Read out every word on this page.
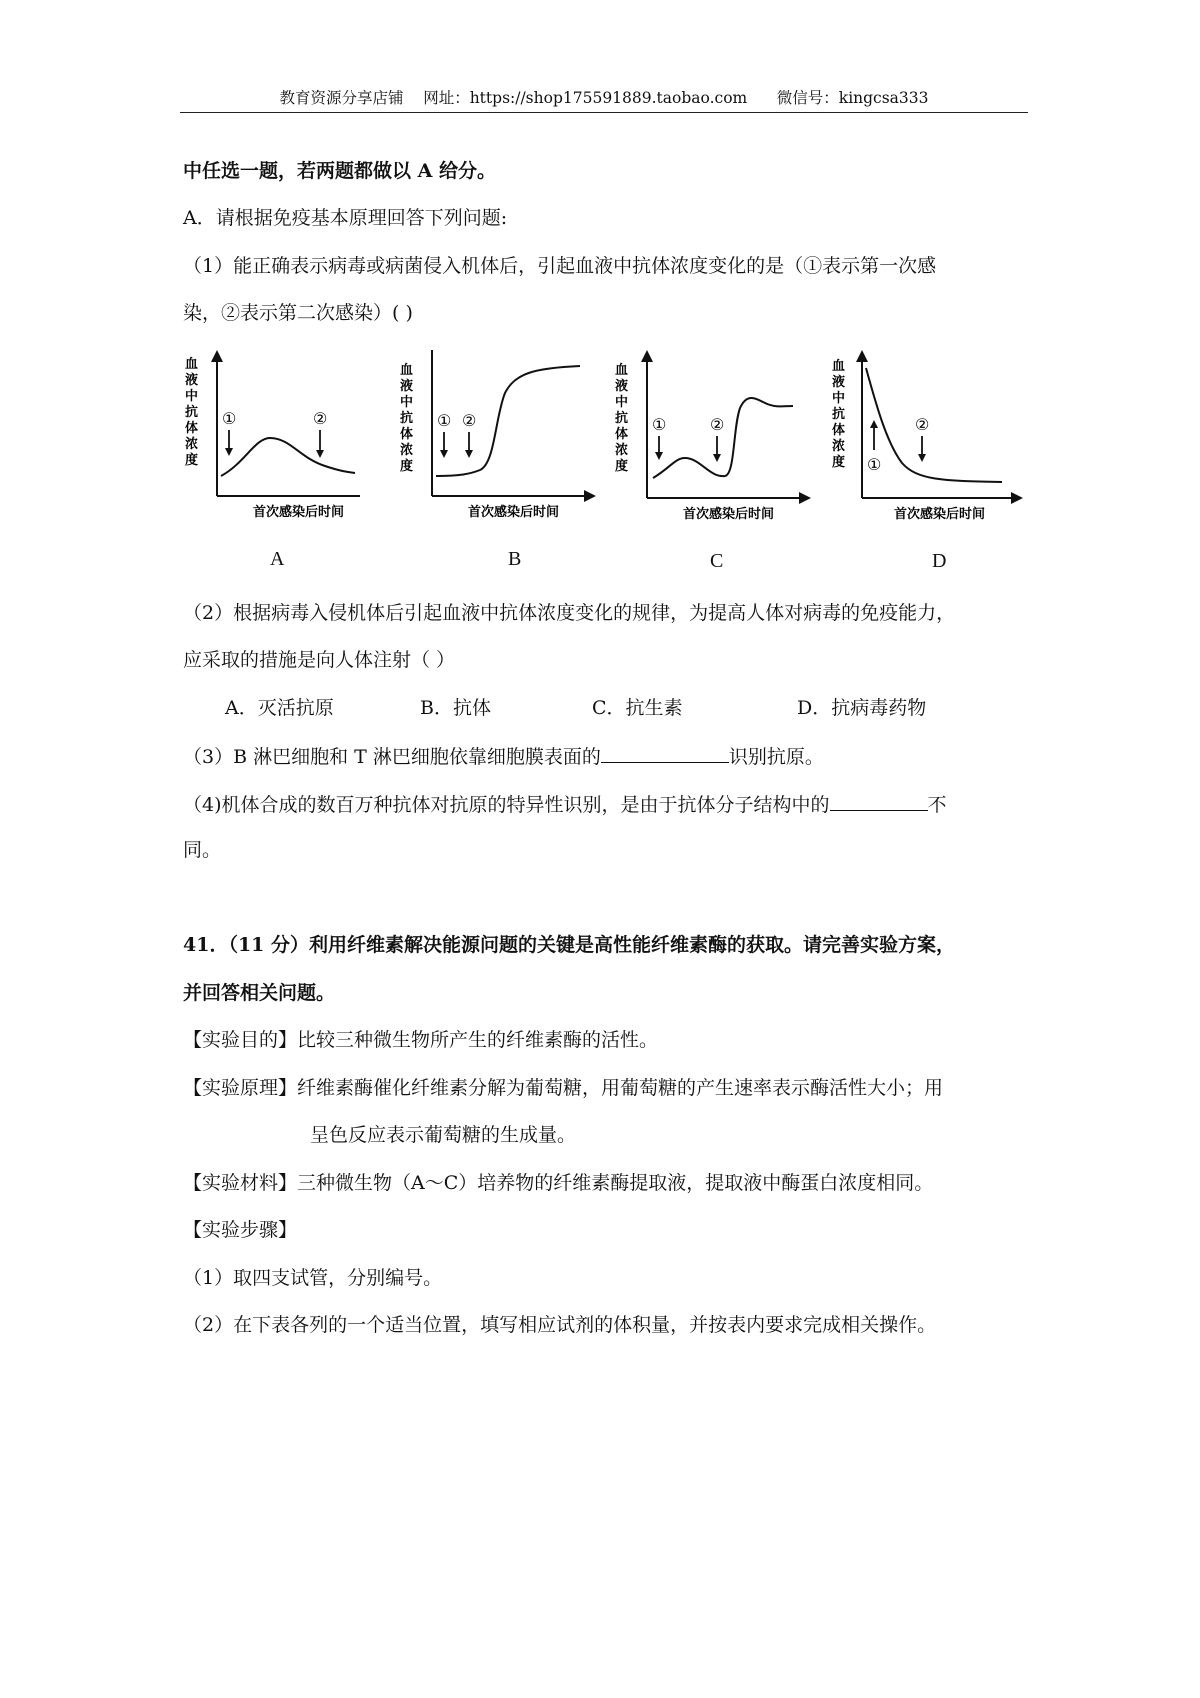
教育资源分享店铺 网址：https://shop175591889.taobao.com 微信号：kingcsa333
中任选一题，若两题都做以 A 给分。
A．请根据免疫基本原理回答下列问题:
（1）能正确表示病毒或病菌侵入机体后，引起血液中抗体浓度变化的是（①表示第一次感
染，②表示第二次感染）( )
血 液 中 抗 体 浓 度
①	②
首次感染后时间
A
血 液 中 抗 体 浓 度
① ②
首次感染后时间
B
血 液 中 抗 体 浓 度
①	②
首次感染后时间
C
血 液 中 抗 体 浓 度 ①
②
首次感染后时间
D
（2）根据病毒入侵机体后引起血液中抗体浓度变化的规律，为提高人体对病毒的免疫能力，
应采取的措施是向人体注射（ ）
A．灭活抗原	B．抗体	C．抗生素	D．抗病毒药物
（3）B 淋巴细胞和 T 淋巴细胞依靠细胞膜表面的	识别抗原。
（4)机体合成的数百万种抗体对抗原的特异性识别，是由于抗体分子结构中的	不
同。
41．（11 分）利用纤维素解决能源问题的关键是高性能纤维素酶的获取。请完善实验方案，
并回答相关问题。
【实验目的】比较三种微生物所产生的纤维素酶的活性。
【实验原理】纤维素酶催化纤维素分解为葡萄糖，用葡萄糖的产生速率表示酶活性大小；用
呈色反应表示葡萄糖的生成量。
【实验材料】三种微生物（A～C）培养物的纤维素酶提取液，提取液中酶蛋白浓度相同。
【实验步骤】
（1）取四支试管，分别编号。
（2）在下表各列的一个适当位置，填写相应试剂的体积量，并按表内要求完成相关操作。
